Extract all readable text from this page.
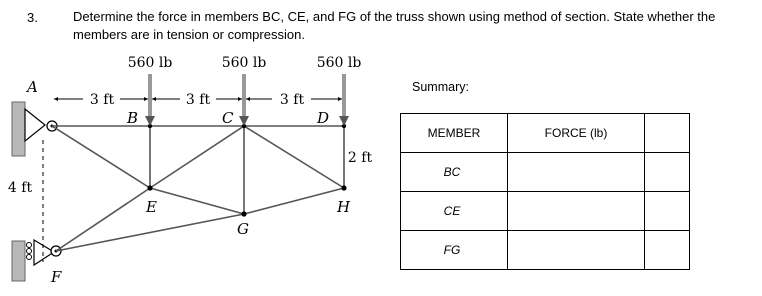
3.	Determine the force in members BC, CE, and FG of the truss shown using method of section. State whether the
members are in tension or compression.
560 lb	560 lb	560 lb
3 ft	3 ft	3 ft
A
B	C	D
E
F
G
H
4 ft
2 ft
Summary:
MEMBER	FORCE (lb)	
BC		
CE		
FG		
